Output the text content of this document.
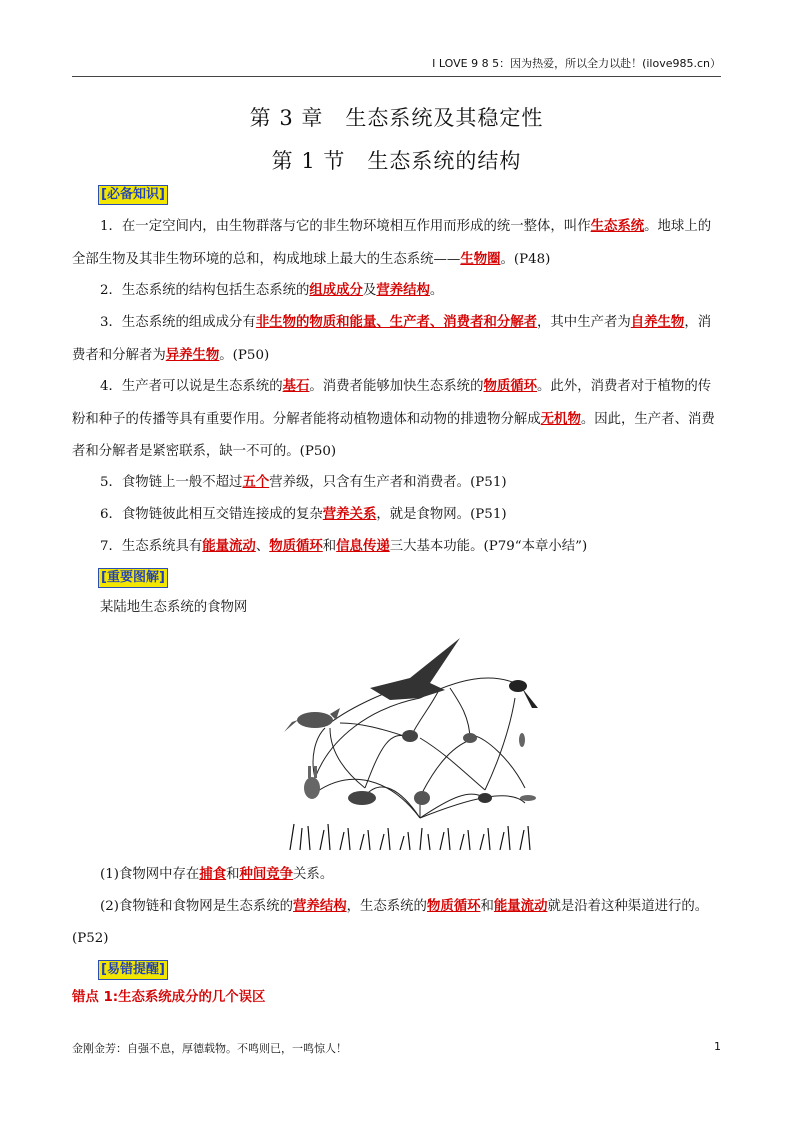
I LOVE 9 8 5：因为热爱，所以全力以赴！(ilove985.cn）
第 3 章　生态系统及其稳定性
第 1 节　生态系统的结构
[必备知识]
1．在一定空间内，由生物群落与它的非生物环境相互作用而形成的统一整体，叫作生态系统。地球上的全部生物及其非生物环境的总和，构成地球上最大的生态系统——生物圈。(P48)
2．生态系统的结构包括生态系统的组成成分及营养结构。
3．生态系统的组成成分有非生物的物质和能量、生产者、消费者和分解者，其中生产者为自养生物，消费者和分解者为异养生物。(P50)
4．生产者可以说是生态系统的基石。消费者能够加快生态系统的物质循环。此外，消费者对于植物的传粉和种子的传播等具有重要作用。分解者能将动植物遗体和动物的排遗物分解成无机物。因此，生产者、消费者和分解者是紧密联系，缺一不可的。(P50)
5．食物链上一般不超过五个营养级，只含有生产者和消费者。(P51)
6．食物链彼此相互交错连接成的复杂营养关系，就是食物网。(P51)
7．生态系统具有能量流动、物质循环和信息传递三大基本功能。(P79“本章小结”)
[重要图解]
某陆地生态系统的食物网
(1)食物网中存在捕食和种间竞争关系。
(2)食物链和食物网是生态系统的营养结构，生态系统的物质循环和能量流动就是沿着这种渠道进行的。(P52)
[易错提醒]
错点 1:生态系统成分的几个误区
金刚金芳：自强不息，厚德载物。不鸣则已，一鸣惊人！	1
